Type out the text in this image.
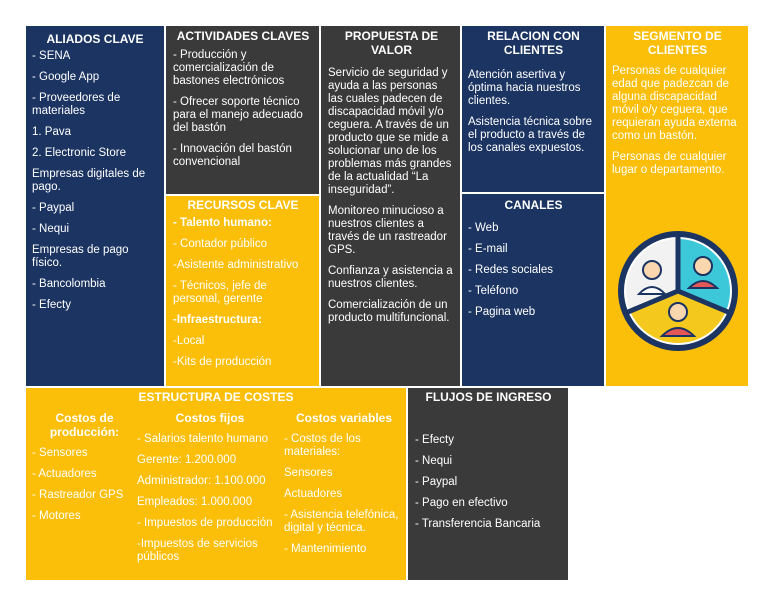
ALIADOS CLAVE
- SENA
- Google App
- Proveedores de materiales
1. Pava
2. Electronic Store
Empresas digitales de pago.
- Paypal
- Nequi
Empresas de pago físico.
- Bancolombia
- Efecty
ACTIVIDADES CLAVES
- Producción y comercialización de bastones electrónicos
- Ofrecer soporte técnico para el manejo adecuado del bastón
- Innovación del bastón convencional
RECURSOS CLAVE
- Talento humano:
- Contador público
-Asistente administrativo
- Técnicos, jefe de personal, gerente
-Infraestructura:
-Local
-Kits de producción
PROPUESTA DE VALOR
Servicio de seguridad y ayuda a las personas las cuales padecen de discapacidad móvil y/o ceguera. A través de un producto que se mide a solucionar uno de los problemas más grandes de la actualidad “La inseguridad”.
Monitoreo minucioso a nuestros clientes a través de un rastreador GPS.
Confianza y asistencia a nuestros clientes.
Comercialización de un producto multifuncional.
RELACION CON CLIENTES
Atención asertiva y óptima hacia nuestros clientes.
Asistencia técnica sobre el producto a través de los canales expuestos.
CANALES
- Web
- E-mail
- Redes sociales
- Teléfono
- Pagina web
SEGMENTO DE CLIENTES
Personas de cualquier edad que padezcan de alguna discapacidad móvil o/y ceguera, que requieran ayuda externa como un bastón.
Personas de cualquier lugar o departamento.
ESTRUCTURA DE COSTES
Costos de producción:
- Sensores
- Actuadores
- Rastreador GPS
- Motores
Costos fijos
- Salarios talento humano
Gerente: 1.200.000
Administrador: 1.100.000
Empleados: 1.000.000
- Impuestos de producción
-Impuestos de servicios públicos
Costos variables
- Costos de los materiales:
Sensores
Actuadores
- Asistencia telefónica, digital y técnica.
- Mantenimiento
FLUJOS DE INGRESO
- Efecty
- Nequi
- Paypal
- Pago en efectivo
- Transferencia Bancaria
